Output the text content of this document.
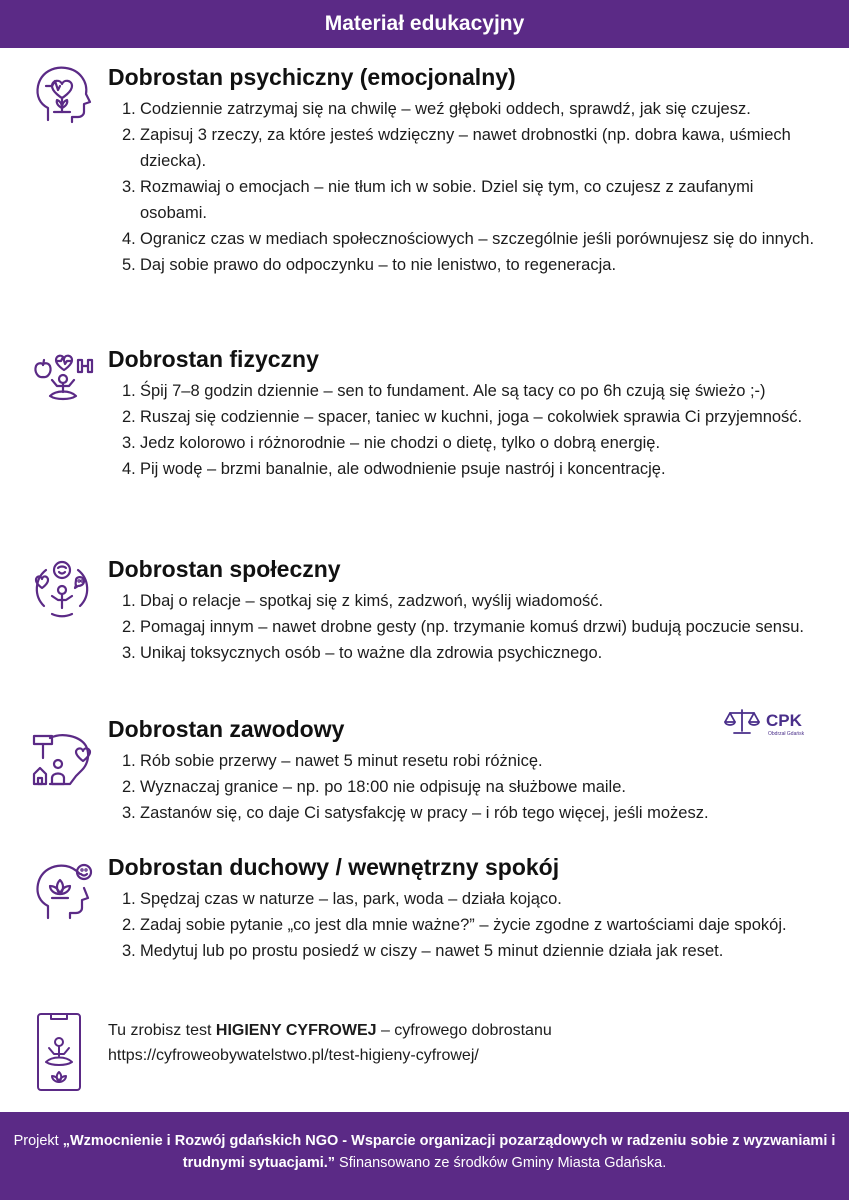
Materiał edukacyjny
Dobrostan psychiczny (emocjonalny)
1. Codziennie zatrzymaj się na chwilę – weź głęboki oddech, sprawdź, jak się czujesz.
2. Zapisuj 3 rzeczy, za które jesteś wdzięczny – nawet drobnostki (np. dobra kawa, uśmiech dziecka).
3. Rozmawiaj o emocjach – nie tłum ich w sobie. Dziel się tym, co czujesz z zaufanymi osobami.
4. Ogranicz czas w mediach społecznościowych – szczególnie jeśli porównujesz się do innych.
5. Daj sobie prawo do odpoczynku – to nie lenistwo, to regeneracja.
Dobrostan fizyczny
1. Śpij 7–8 godzin dziennie – sen to fundament. Ale są tacy co po 6h czują się świeżo ;-)
2. Ruszaj się codziennie – spacer, taniec w kuchni, joga – cokolwiek sprawia Ci przyjemność.
3. Jedz kolorowo i różnorodnie – nie chodzi o dietę, tylko o dobrą energię.
4. Pij wodę – brzmi banalnie, ale odwodnienie psuje nastrój i koncentrację.
Dobrostan społeczny
1. Dbaj o relacje – spotkaj się z kimś, zadzwoń, wyślij wiadomość.
2. Pomagaj innym – nawet drobne gesty (np. trzymanie komuś drzwi) budują poczucie sensu.
3. Unikaj toksycznych osób – to ważne dla zdrowia psychicznego.
CPK
Obdrzał Gdańsk
Dobrostan zawodowy
1. Rób sobie przerwy – nawet 5 minut resetu robi różnicę.
2. Wyznaczaj granice – np. po 18:00 nie odpisuję na służbowe maile.
3. Zastanów się, co daje Ci satysfakcję w pracy – i rób tego więcej, jeśli możesz.
Dobrostan duchowy / wewnętrzny spokój
1. Spędzaj czas w naturze – las, park, woda – działa kojąco.
2. Zadaj sobie pytanie „co jest dla mnie ważne?” – życie zgodne z wartościami daje spokój.
3. Medytuj lub po prostu posiedź w ciszy – nawet 5 minut dziennie działa jak reset.
Tu zrobisz test HIGIENY CYFROWEJ – cyfrowego dobrostanu
https://cyfroweobywatelstwo.pl/test-higieny-cyfrowej/
Projekt „Wzmocnienie i Rozwój gdańskich NGO - Wsparcie organizacji pozarządowych w radzeniu sobie z wyzwaniami i trudnymi sytuacjami.” Sfinansowano ze środków Gminy Miasta Gdańska.
